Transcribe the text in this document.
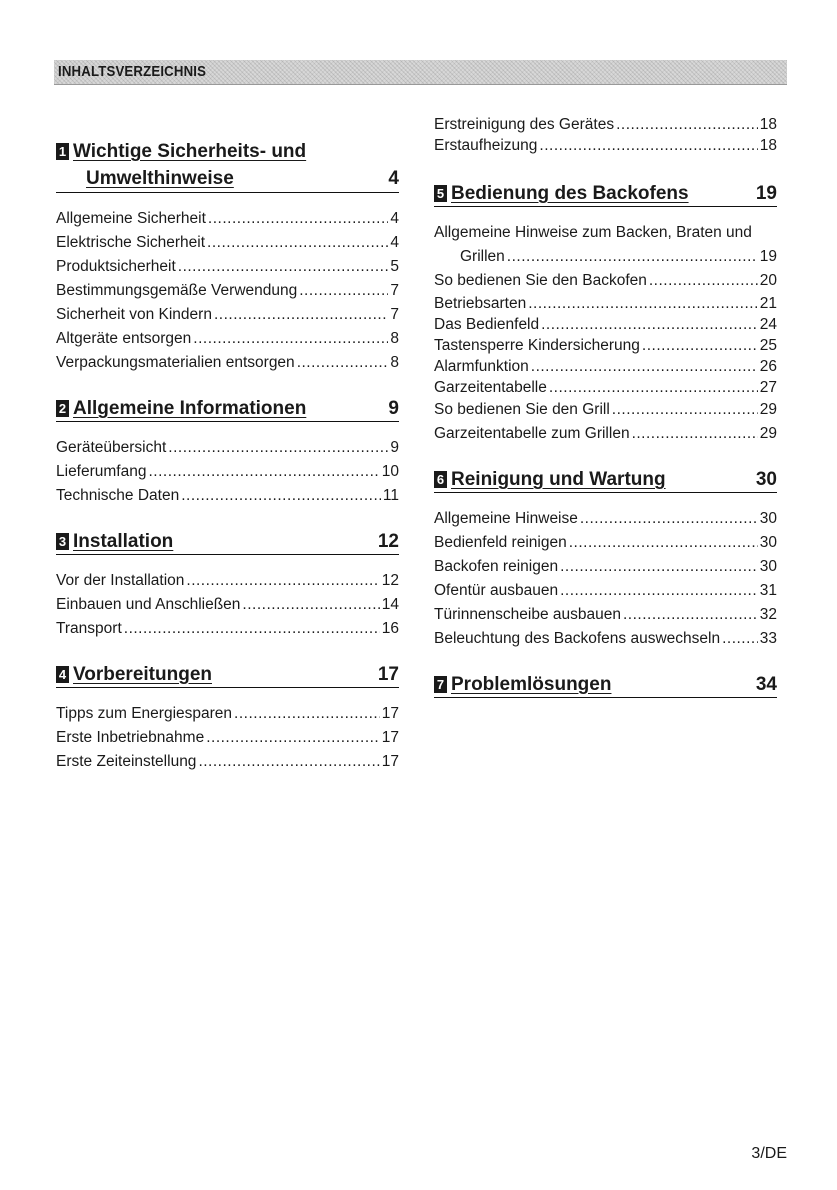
INHALTSVERZEICHNIS
1 Wichtige Sicherheits- und
Umwelthinweise	4
Allgemeine Sicherheit .....	4
Elektrische Sicherheit .....	4
Produktsicherheit .....	5
Bestimmungsgemäße Verwendung .....	7
Sicherheit von Kindern .....	7
Altgeräte entsorgen .....	8
Verpackungsmaterialien entsorgen .....	8
2 Allgemeine Informationen	9
Geräteübersicht .....	9
Lieferumfang .....	10
Technische Daten .....	11
3 Installation	12
Vor der Installation .....	12
Einbauen und Anschließen .....	14
Transport .....	16
4 Vorbereitungen	17
Tipps zum Energiesparen .....	17
Erste Inbetriebnahme .....	17
Erste Zeiteinstellung .....	17
Erstreinigung des Gerätes .....	18
Erstaufheizung .....	18
5 Bedienung des Backofens	19
Allgemeine Hinweise zum Backen, Braten und
Grillen .....	19
So bedienen Sie den Backofen .....	20
Betriebsarten .....	21
Das Bedienfeld .....	24
Tastensperre Kindersicherung .....	25
Alarmfunktion .....	26
Garzeitentabelle .....	27
So bedienen Sie den Grill .....	29
Garzeitentabelle zum Grillen .....	29
6 Reinigung und Wartung	30
Allgemeine Hinweise .....	30
Bedienfeld reinigen .....	30
Backofen reinigen .....	30
Ofentür ausbauen .....	31
Türinnenscheibe ausbauen .....	32
Beleuchtung des Backofens auswechseln .....	33
7 Problemlösungen	34
3/DE
